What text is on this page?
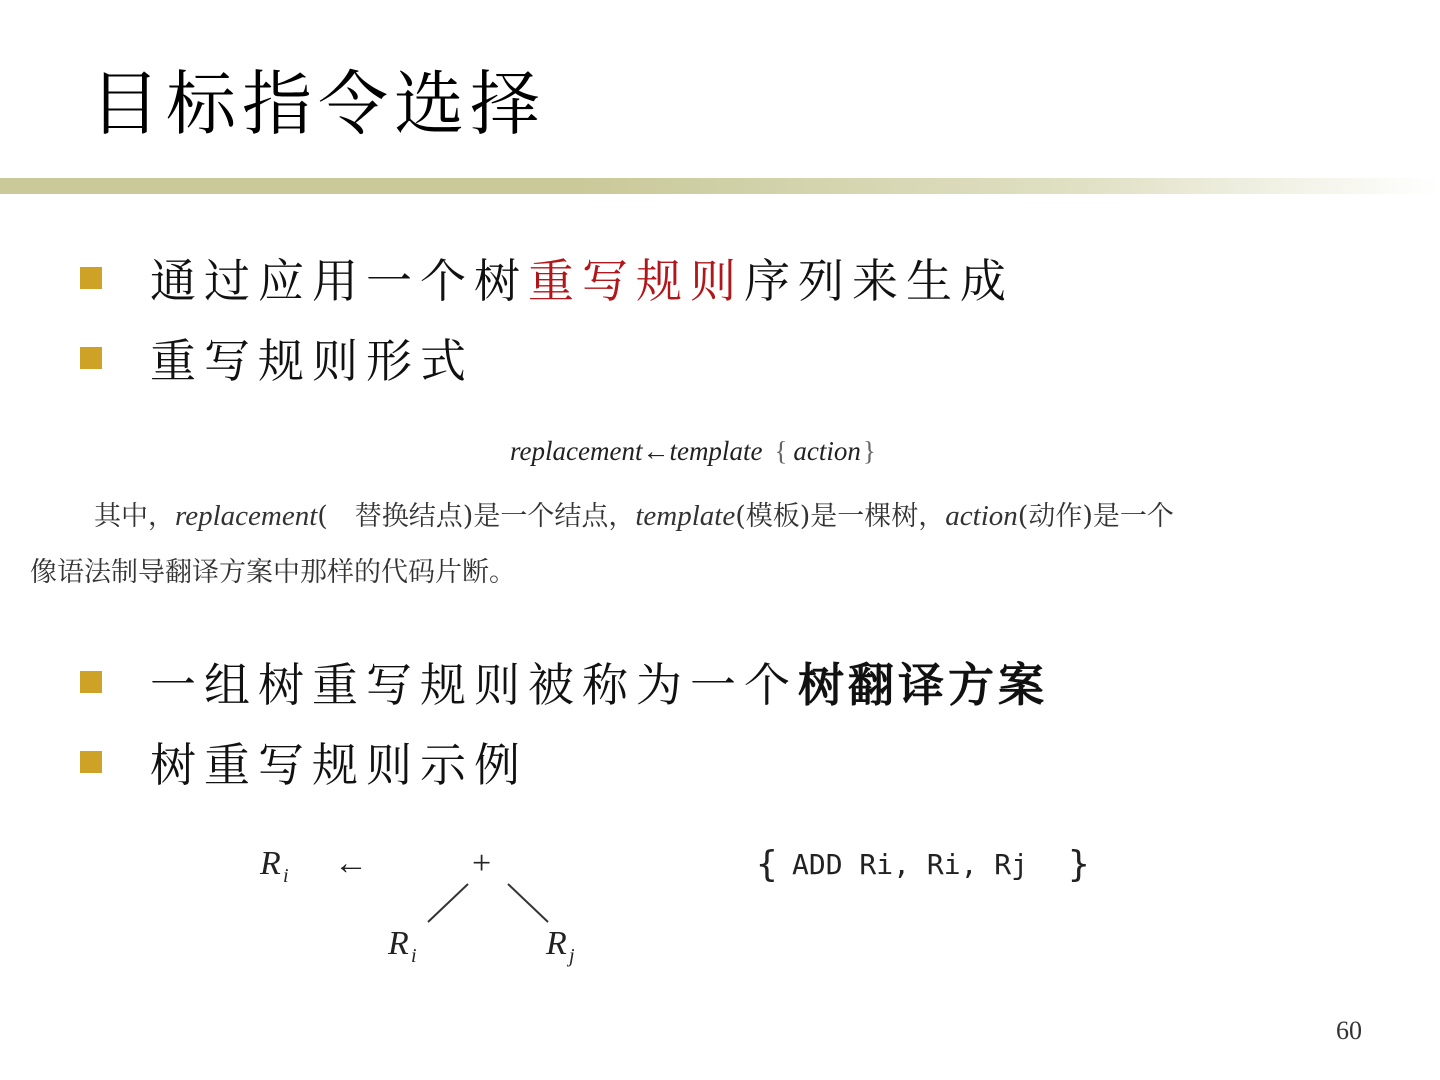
目标指令选择
通过应用一个树重写规则序列来生成
重写规则形式
replacement←template { action}
其中，replacement(　替换结点)是一个结点，template(模板)是一棵树，action(动作)是一个
像语法制导翻译方案中那样的代码片断。
一组树重写规则被称为一个树翻译方案
树重写规则示例
R i ←	+
R i	R j
{ ADD Ri, Ri, Rj }
60
